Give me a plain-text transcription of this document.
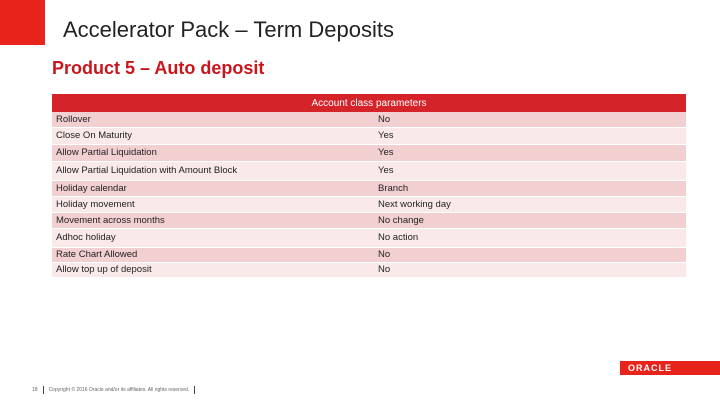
Accelerator Pack – Term Deposits
Product 5 – Auto deposit
Account class parameters	
Rollover	No
Close On Maturity	Yes
Allow Partial Liquidation	Yes
Allow Partial Liquidation with Amount Block	Yes
Holiday calendar	Branch
Holiday movement	Next working day
Movement across months	No change
Adhoc holiday	No action
Rate Chart Allowed	No
Allow top up of deposit	No
ORACLE
18 Copyright © 2016 Oracle and/or its affiliates. All rights reserved.
